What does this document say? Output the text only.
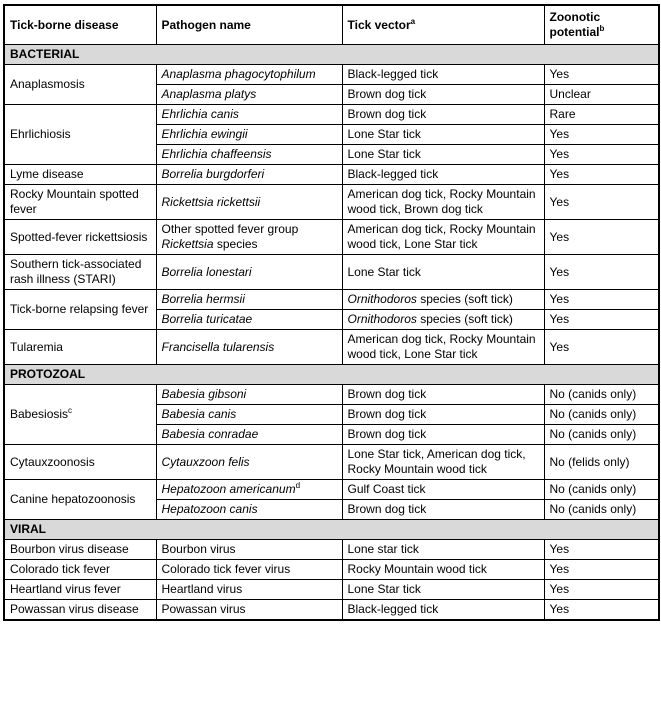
Tick-borne disease	Pathogen name	Tick vector$^a$	Zoonotic potential$^b$
BACTERIAL			
Anaplasmosis	Anaplasma phagocytophilum	Black-legged tick	Yes
	Anaplasma platys	Brown dog tick	Unclear
Ehrlichiosis	Ehrlichia canis	Brown dog tick	Rare
	Ehrlichia ewingii	Lone Star tick	Yes
	Ehrlichia chaffeensis	Lone Star tick	Yes
Lyme disease	Borrelia burgdorferi	Black-legged tick	Yes
Rocky Mountain spotted fever	Rickettsia rickettsii	American dog tick, Rocky Mountain wood tick, Brown dog tick	Yes
Spotted-fever rickettsiosis	Other spotted fever group Rickettsia species	American dog tick, Rocky Mountain wood tick, Lone Star tick	Yes
Southern tick-associated rash illness (STARI)	Borrelia lonestari	Lone Star tick	Yes
Tick-borne relapsing fever	Borrelia hermsii	Ornithodoros species (soft tick)	Yes
	Borrelia turicatae	Ornithodoros species (soft tick)	Yes
Tularemia	Francisella tularensis	American dog tick, Rocky Mountain wood tick, Lone Star tick	Yes
PROTOZOAL			
Babesiosis$^c$	Babesia gibsoni	Brown dog tick	No (canids only)
	Babesia canis	Brown dog tick	No (canids only)
	Babesia conradae	Brown dog tick	No (canids only)
Cytauxzoonosis	Cytauxzoon felis	Lone Star tick, American dog tick, Rocky Mountain wood tick	No (felids only)
Canine hepatozoonosis	Hepatozoon americanum$^d$	Gulf Coast tick	No (canids only)
	Hepatozoon canis	Brown dog tick	No (canids only)
VIRAL			
Bourbon virus disease	Bourbon virus	Lone star tick	Yes
Colorado tick fever	Colorado tick fever virus	Rocky Mountain wood tick	Yes
Heartland virus fever	Heartland virus	Lone Star tick	Yes
Powassan virus disease	Powassan virus	Black-legged tick	Yes
